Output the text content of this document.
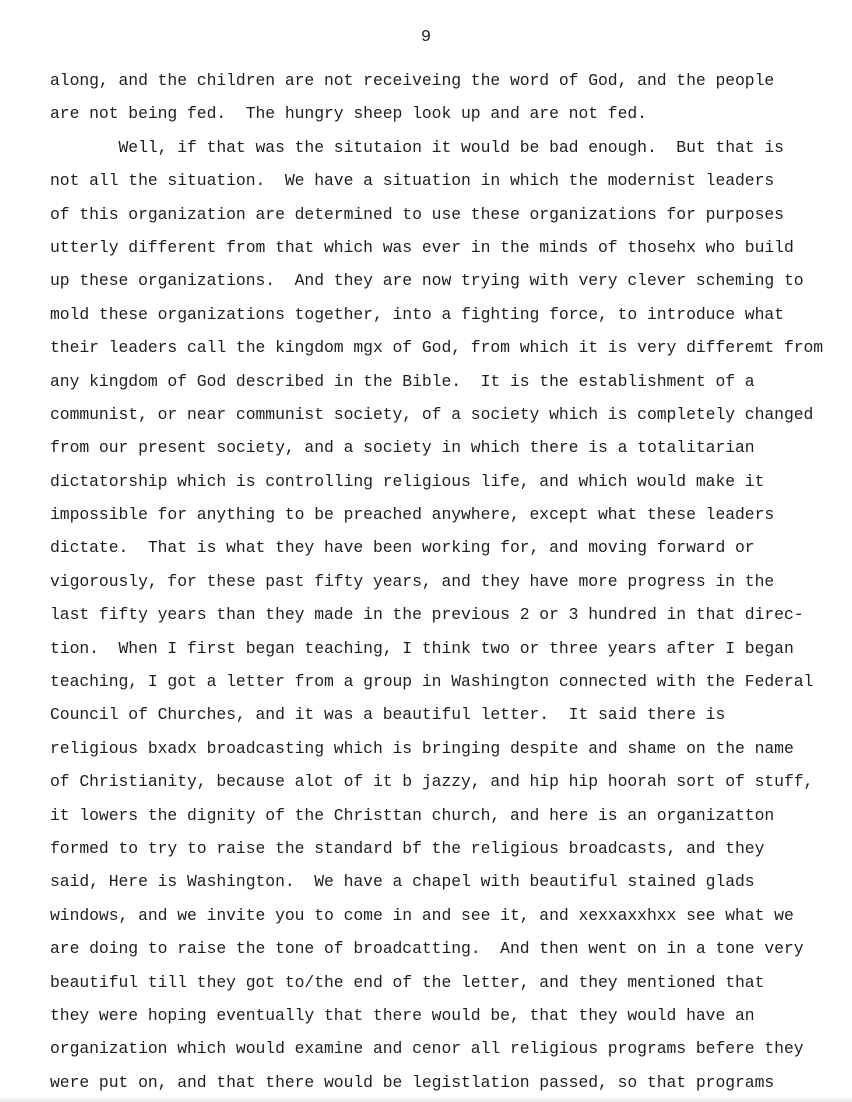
9
along, and the children are not receiveing the word of God, and the people
are not being fed.  The hungry sheep look up and are not fed.
Well, if that was the situtaion it would be bad enough.  But that is
not all the situation.  We have a situation in which the modernist leaders
of this organization are determined to use these organizations for purposes
utterly different from that which was ever in the minds of thosehx who build
up these organizations.  And they are now trying with very clever scheming to
mold these organizations together, into a fighting force, to introduce what
their leaders call the kingdom mgx of God, from which it is very differemt from
any kingdom of God described in the Bible.  It is the establishment of a
communist, or near communist society, of a society which is completely changed
from our present society, and a society in which there is a totalitarian
dictatorship which is controlling religious life, and which would make it
impossible for anything to be preached anywhere, except what these leaders
dictate.  That is what they have been working for, and moving forward or
vigorously, for these past fifty years, and they have more progress in the
last fifty years than they made in the previous 2 or 3 hundred in that direc-
tion.  When I first began teaching, I think two or three years after I began
teaching, I got a letter from a group in Washington connected with the Federal
Council of Churches, and it was a beautiful letter.  It said there is
religious bxadx broadcasting which is bringing despite and shame on the name
of Christianity, because alot of it b jazzy, and hip hip hoorah sort of stuff,
it lowers the dignity of the Christtan church, and here is an organizatton
formed to try to raise the standard bf the religious broadcasts, and they
said, Here is Washington.  We have a chapel with beautiful stained glads
windows, and we invite you to come in and see it, and xexxaxxhxx see what we
are doing to raise the tone of broadcatting.  And then went on in a tone very
beautiful till they got to/the end of the letter, and they mentioned that
they were hoping eventually that there would be, that they would have an
organization which would examine and cenor all religious programs befere they
were put on, and that there would be legistlation passed, so that programs
